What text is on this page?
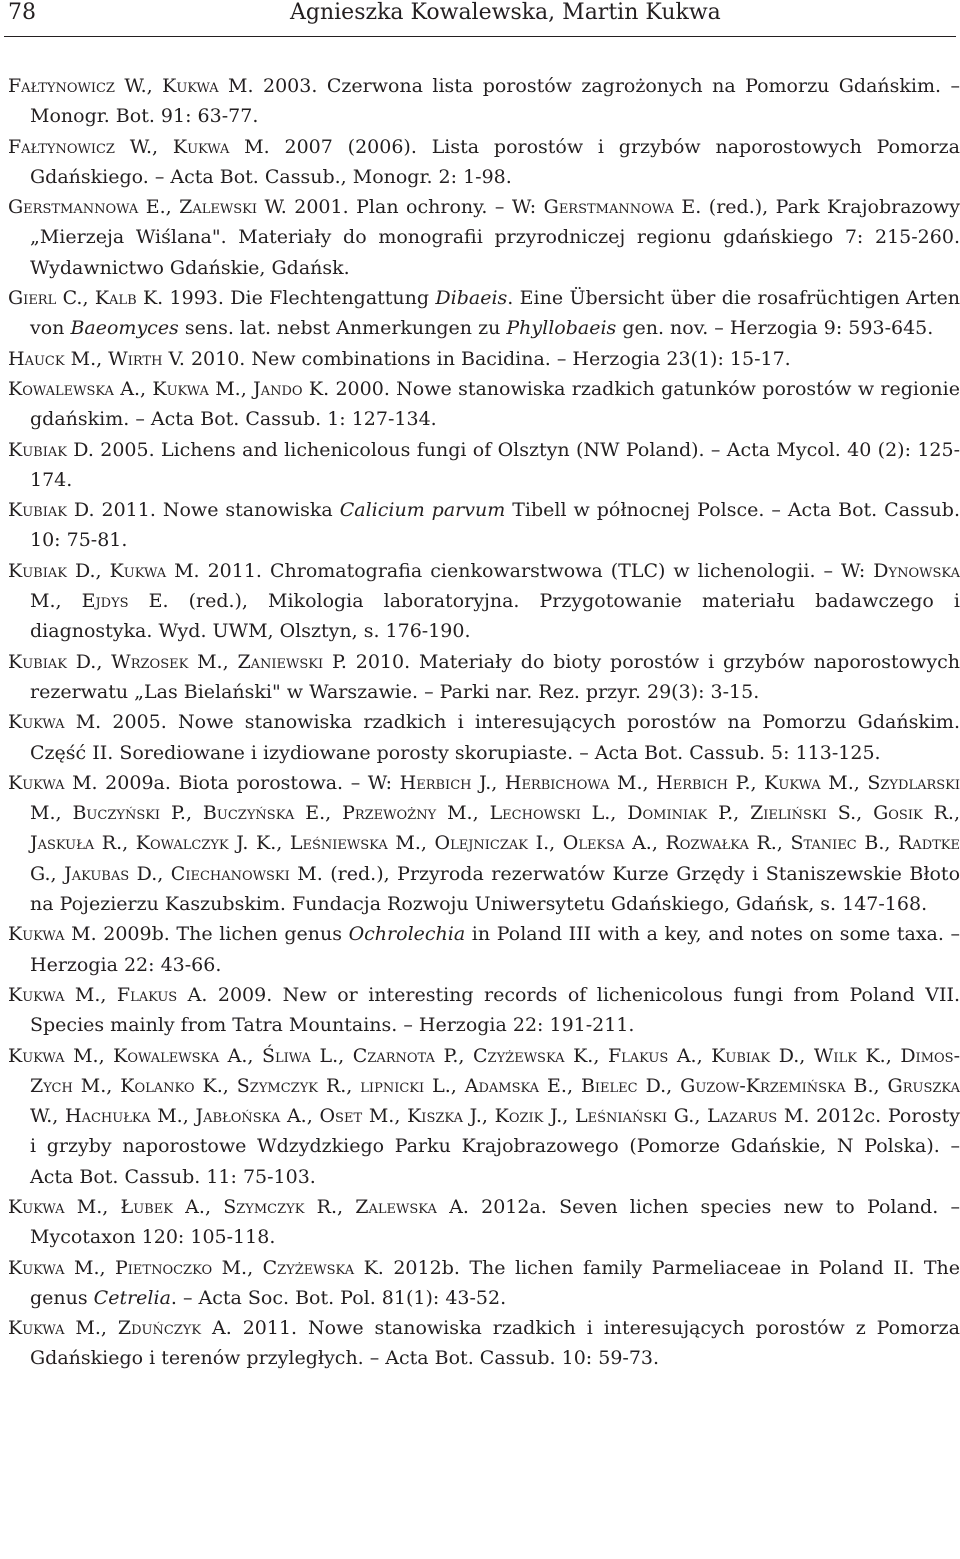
78	Agnieszka Kowalewska, Martin Kukwa
Fałtynowicz W., Kukwa M. 2003. Czerwona lista porostów zagrożonych na Pomorzu Gdańskim. – Monogr. Bot. 91: 63-77.
Fałtynowicz W., Kukwa M. 2007 (2006). Lista porostów i grzybów naporostowych Pomorza Gdańskiego. – Acta Bot. Cassub., Monogr. 2: 1-98.
Gerstmannowa E., Zalewski W. 2001. Plan ochrony. – W: Gerstmannowa E. (red.), Park Krajobrazowy „Mierzeja Wiślana". Materiały do monografii przyrodniczej regionu gdańskiego 7: 215-260. Wydawnictwo Gdańskie, Gdańsk.
Gierl C., Kalb K. 1993. Die Flechtengattung Dibaeis. Eine Übersicht über die rosafrüchtigen Arten von Baeomyces sens. lat. nebst Anmerkungen zu Phyllobaeis gen. nov. – Herzogia 9: 593-645.
Hauck M., Wirth V. 2010. New combinations in Bacidina. – Herzogia 23(1): 15-17.
Kowalewska A., Kukwa M., Jando K. 2000. Nowe stanowiska rzadkich gatunków porostów w regionie gdańskim. – Acta Bot. Cassub. 1: 127-134.
Kubiak D. 2005. Lichens and lichenicolous fungi of Olsztyn (NW Poland). – Acta Mycol. 40 (2): 125-174.
Kubiak D. 2011. Nowe stanowiska Calicium parvum Tibell w północnej Polsce. – Acta Bot. Cassub. 10: 75-81.
Kubiak D., Kukwa M. 2011. Chromatografia cienkowarstwowa (TLC) w lichenologii. – W: Dynowska M., Ejdys E. (red.), Mikologia laboratoryjna. Przygotowanie materiału badawczego i diagnostyka. Wyd. UWM, Olsztyn, s. 176-190.
Kubiak D., Wrzosek M., Zaniewski P. 2010. Materiały do bioty porostów i grzybów naporostowych rezerwatu „Las Bielański" w Warszawie. – Parki nar. Rez. przyr. 29(3): 3-15.
Kukwa M. 2005. Nowe stanowiska rzadkich i interesujących porostów na Pomorzu Gdańskim. Część II. Sorediowane i izydiowane porosty skorupiaste. – Acta Bot. Cassub. 5: 113-125.
Kukwa M. 2009a. Biota porostowa. – W: Herbich J., Herbichowa M., Herbich P., Kukwa M., Szydlarski M., Buczyński P., Buczyńska E., Przewożny M., Lechowski L., Dominiak P., Zieliński S., Gosik R., Jaskuła R., Kowalczyk J. K., Leśniewska M., Olejniczak I., Oleksa A., Rozwałka R., Staniec B., Radtke G., Jakubas D., Ciechanowski M. (red.), Przyroda rezerwatów Kurze Grzędy i Staniszewskie Błoto na Pojezierzu Kaszubskim. Fundacja Rozwoju Uniwersytetu Gdańskiego, Gdańsk, s. 147-168.
Kukwa M. 2009b. The lichen genus Ochrolechia in Poland III with a key, and notes on some taxa. – Herzogia 22: 43-66.
Kukwa M., Flakus A. 2009. New or interesting records of lichenicolous fungi from Poland VII. Species mainly from Tatra Mountains. – Herzogia 22: 191-211.
Kukwa M., Kowalewska A., Śliwa L., Czarnota P., Czyżewska K., Flakus A., Kubiak D., Wilk K., Dimos-Zych M., Kolanko K., Szymczyk R., lipnicki L., Adamska E., Bielec D., Guzow-Krzemińska B., Gruszka W., Hachułka M., Jabłońska A., Oset M., Kiszka J., Kozik J., Leśniański G., Lazarus M. 2012c. Porosty i grzyby naporostowe Wdzydzkiego Parku Krajobrazowego (Pomorze Gdańskie, N Polska). – Acta Bot. Cassub. 11: 75-103.
Kukwa M., Łubek A., Szymczyk R., Zalewska A. 2012a. Seven lichen species new to Poland. – Mycotaxon 120: 105-118.
Kukwa M., Pietnoczko M., Czyżewska K. 2012b. The lichen family Parmeliaceae in Poland II. The genus Cetrelia. – Acta Soc. Bot. Pol. 81(1): 43-52.
Kukwa M., Zduńczyk A. 2011. Nowe stanowiska rzadkich i interesujących porostów z Pomorza Gdańskiego i terenów przyległych. – Acta Bot. Cassub. 10: 59-73.
